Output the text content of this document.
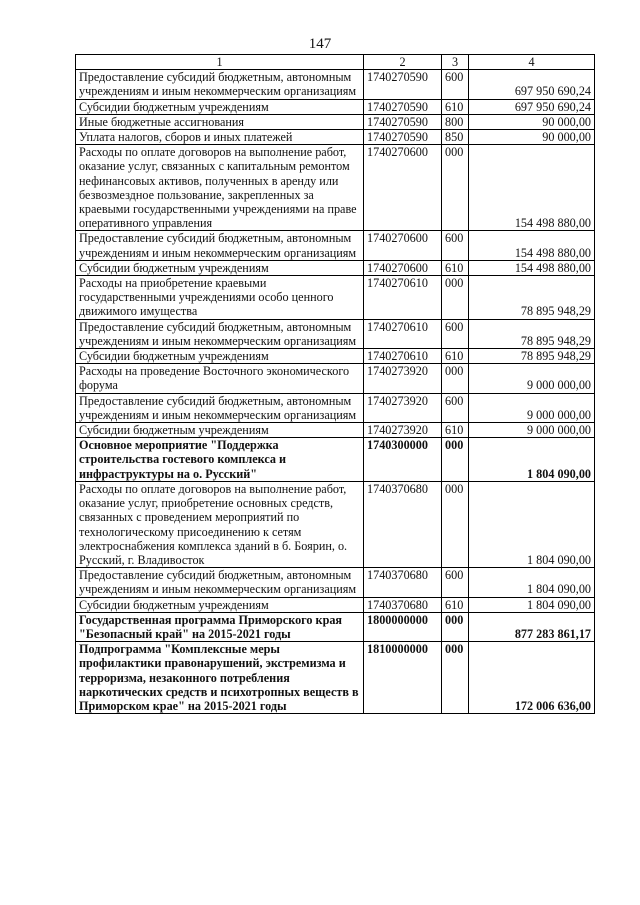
147
1	2	3	4
Предоставление субсидий бюджетным, автономным учреждениям и иным некоммерческим организациям	1740270590	600	697 950 690,24
Субсидии бюджетным учреждениям	1740270590	610	697 950 690,24
Иные бюджетные ассигнования	1740270590	800	90 000,00
Уплата налогов, сборов и иных платежей	1740270590	850	90 000,00
Расходы по оплате договоров на выполнение работ, оказание услуг, связанных с капитальным ремонтом нефинансовых активов, полученных в аренду или безвозмездное пользование, закрепленных за краевыми государственными учреждениями на праве оперативного управления	1740270600	000	154 498 880,00
Предоставление субсидий бюджетным, автономным учреждениям и иным некоммерческим организациям	1740270600	600	154 498 880,00
Субсидии бюджетным учреждениям	1740270600	610	154 498 880,00
Расходы на приобретение краевыми государственными учреждениями особо ценного движимого имущества	1740270610	000	78 895 948,29
Предоставление субсидий бюджетным, автономным учреждениям и иным некоммерческим организациям	1740270610	600	78 895 948,29
Субсидии бюджетным учреждениям	1740270610	610	78 895 948,29
Расходы на проведение Восточного экономического форума	1740273920	000	9 000 000,00
Предоставление субсидий бюджетным, автономным учреждениям и иным некоммерческим организациям	1740273920	600	9 000 000,00
Субсидии бюджетным учреждениям	1740273920	610	9 000 000,00
Основное мероприятие "Поддержка строительства гостевого комплекса и инфраструктуры на о. Русский"	1740300000	000	1 804 090,00
Расходы по оплате договоров на выполнение работ, оказание услуг, приобретение основных средств, связанных с проведением мероприятий по технологическому присоединению к сетям электроснабжения комплекса зданий в б. Боярин, о. Русский, г. Владивосток	1740370680	000	1 804 090,00
Предоставление субсидий бюджетным, автономным учреждениям и иным некоммерческим организациям	1740370680	600	1 804 090,00
Субсидии бюджетным учреждениям	1740370680	610	1 804 090,00
Государственная программа Приморского края "Безопасный край" на 2015-2021 годы	1800000000	000	877 283 861,17
Подпрограмма "Комплексные меры профилактики правонарушений, экстремизма и терроризма, незаконного потребления наркотических средств и психотропных веществ в Приморском крае" на 2015-2021 годы	1810000000	000	172 006 636,00
